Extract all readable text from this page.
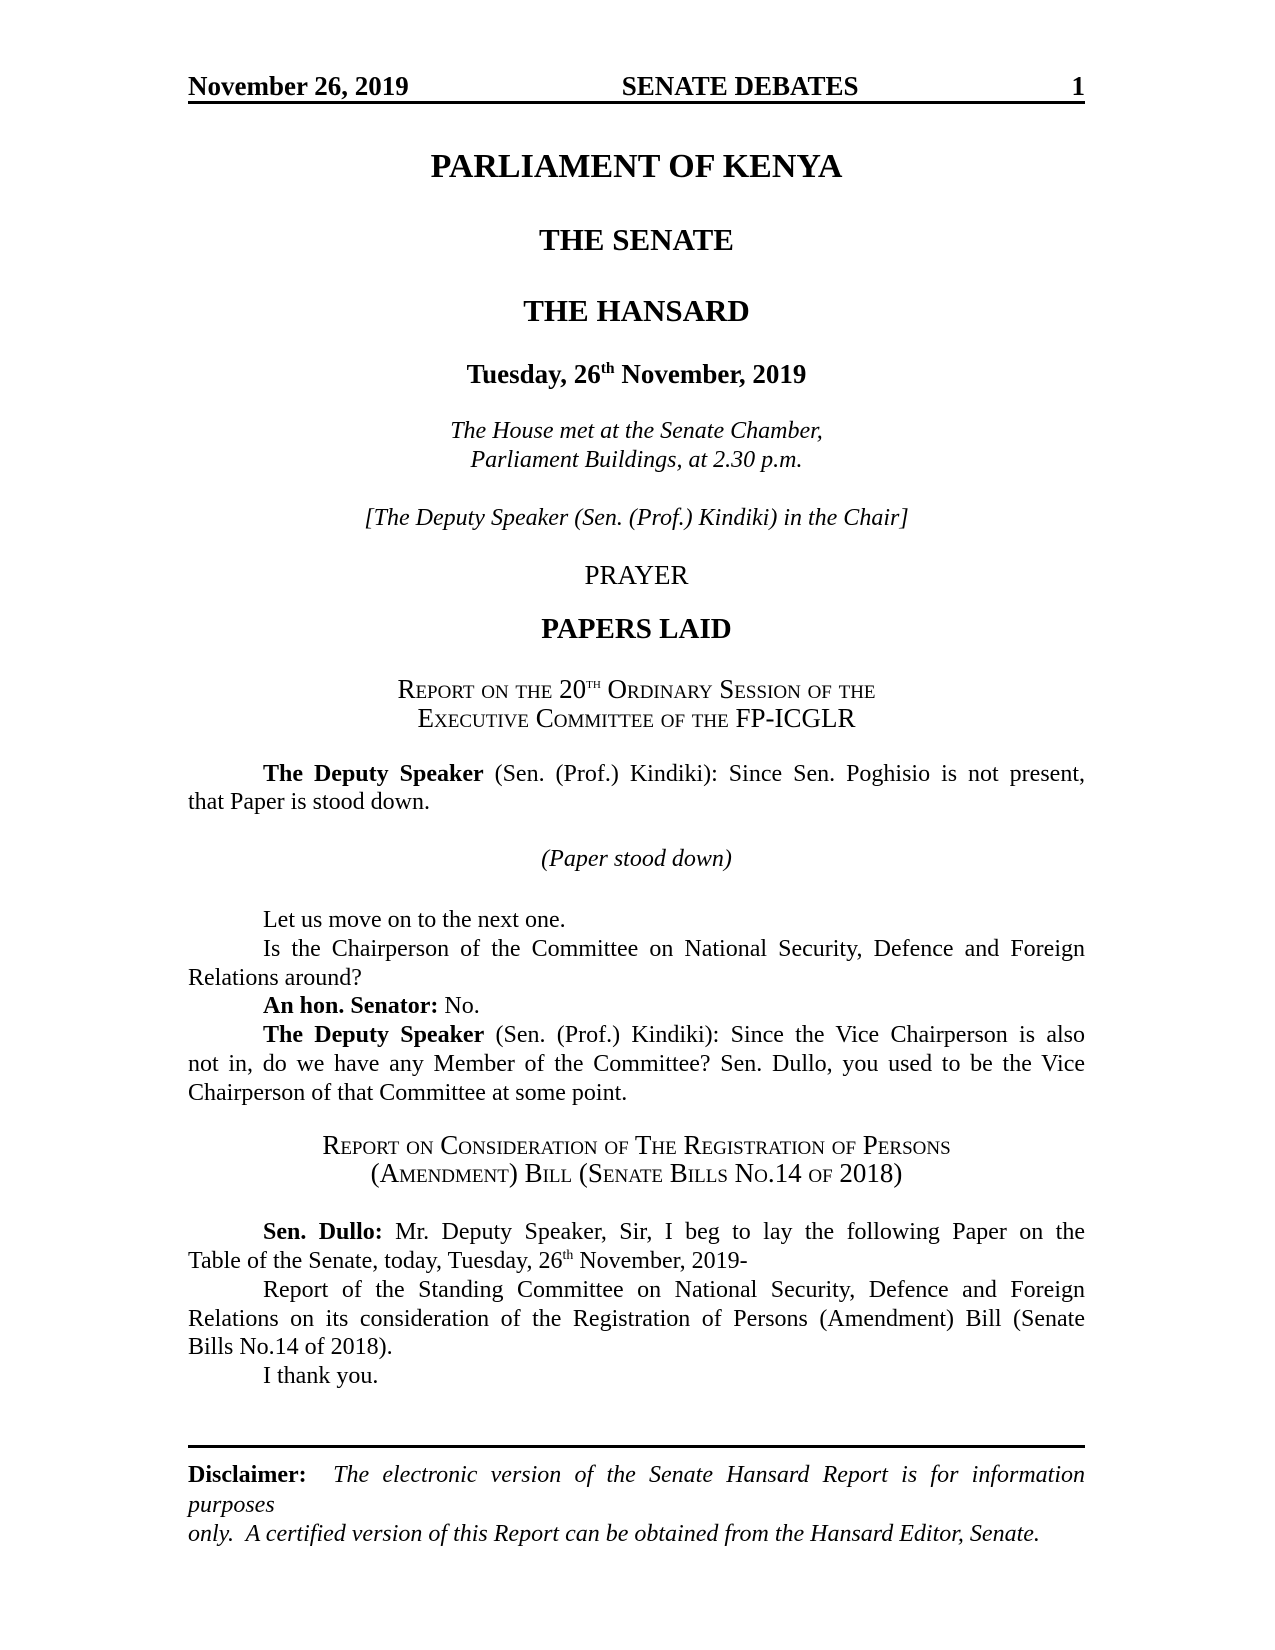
November 26, 2019	SENATE DEBATES	1
PARLIAMENT OF KENYA
THE SENATE
THE HANSARD
Tuesday, 26th November, 2019
The House met at the Senate Chamber,
Parliament Buildings, at 2.30 p.m.
[The Deputy Speaker (Sen. (Prof.) Kindiki) in the Chair]
PRAYER
PAPERS LAID
Report on the 20th Ordinary Session of the
Executive Committee of the FP-ICGLR
The Deputy Speaker (Sen. (Prof.) Kindiki): Since Sen. Poghisio is not present,
that Paper is stood down.
(Paper stood down)
Let us move on to the next one.
Is the Chairperson of the Committee on National Security, Defence and Foreign
Relations around?
An hon. Senator: No.
The Deputy Speaker (Sen. (Prof.) Kindiki): Since the Vice Chairperson is also
not in, do we have any Member of the Committee? Sen. Dullo, you used to be the Vice
Chairperson of that Committee at some point.
Report on Consideration of The Registration of Persons
(Amendment) Bill (Senate Bills No.14 of 2018)
Sen. Dullo: Mr. Deputy Speaker, Sir, I beg to lay the following Paper on the
Table of the Senate, today, Tuesday, 26th November, 2019-
Report of the Standing Committee on National Security, Defence and Foreign
Relations on its consideration of the Registration of Persons (Amendment) Bill (Senate
Bills No.14 of 2018).
I thank you.
Disclaimer:  The electronic version of the Senate Hansard Report is for information purposes
only.  A certified version of this Report can be obtained from the Hansard Editor, Senate.
